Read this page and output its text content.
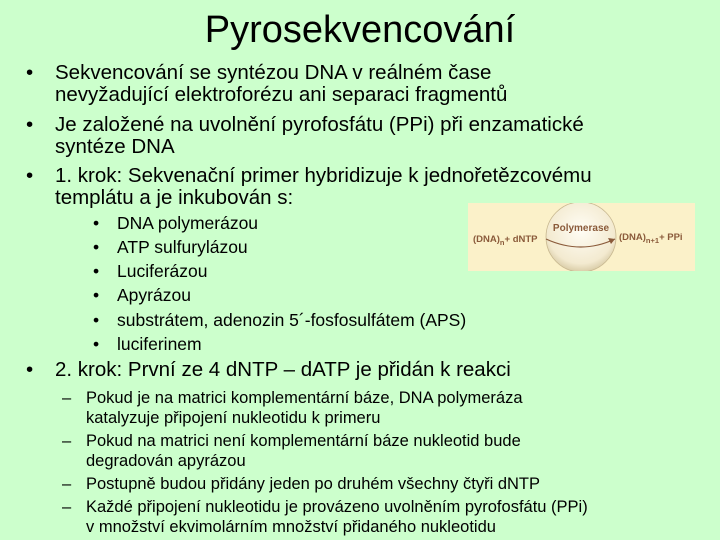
Pyrosekvencování
• Sekvencování se syntézou DNA v reálném čase
nevyžadující elektroforézu ani separaci fragmentů
• Je založené na uvolnění pyrofosfátu (PPi) při enzamatické
syntéze DNA
• 1. krok: Sekvenační primer hybridizuje k jednořetězcovému
templátu a je inkubován s:
• DNA polymerázou
• ATP sulfurylázou
• Luciferázou
• Apyrázou
• substrátem, adenozin 5´-fosfosulfátem (APS)
• luciferinem
Polymerase
$(DNA)_n+$ dNTP	$(DNA)_{n+1}+$ PPi
• 2. krok: První ze 4 dNTP – dATP je přidán k reakci
– Pokud je na matrici komplementární báze, DNA polymeráza
katalyzuje připojení nukleotidu k primeru
– Pokud na matrici není komplementární báze nukleotid bude
degradován apyrázou
– Postupně budou přidány jeden po druhém všechny čtyři dNTP
– Každé připojení nukleotidu je provázeno uvolněním pyrofosfátu (PPi)
v množství ekvimolárním množství přidaného nukleotidu
